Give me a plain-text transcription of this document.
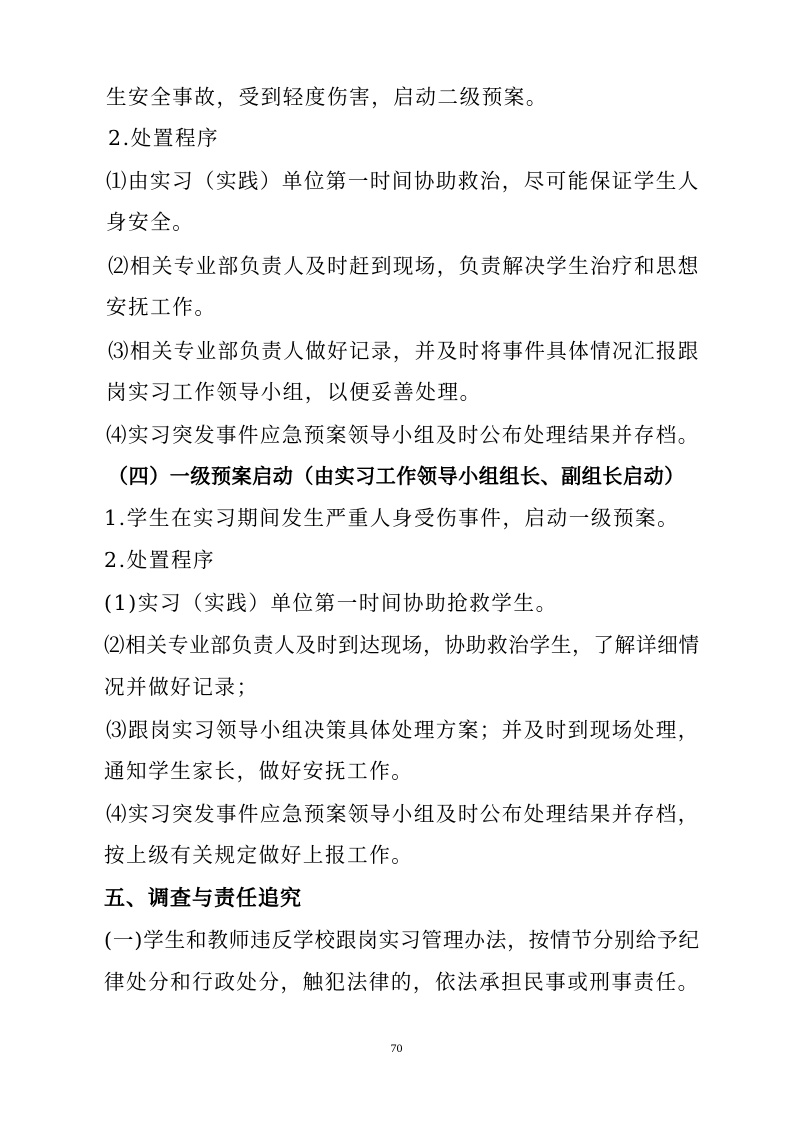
生安全事故，受到轻度伤害，启动二级预案。
2.处置程序
⑴由实习（实践）单位第一时间协助救治，尽可能保证学生人
身安全。
⑵相关专业部负责人及时赶到现场，负责解决学生治疗和思想
安抚工作。
⑶相关专业部负责人做好记录，并及时将事件具体情况汇报跟
岗实习工作领导小组，以便妥善处理。
⑷实习突发事件应急预案领导小组及时公布处理结果并存档。
（四）一级预案启动（由实习工作领导小组组长、副组长启动）
1.学生在实习期间发生严重人身受伤事件，启动一级预案。
2.处置程序
(1)实习（实践）单位第一时间协助抢救学生。
⑵相关专业部负责人及时到达现场，协助救治学生，了解详细情
况并做好记录；
⑶跟岗实习领导小组决策具体处理方案；并及时到现场处理，
通知学生家长，做好安抚工作。
⑷实习突发事件应急预案领导小组及时公布处理结果并存档，
按上级有关规定做好上报工作。
五、调查与责任追究
(一)学生和教师违反学校跟岗实习管理办法，按情节分别给予纪
律处分和行政处分，触犯法律的，依法承担民事或刑事责任。
70
